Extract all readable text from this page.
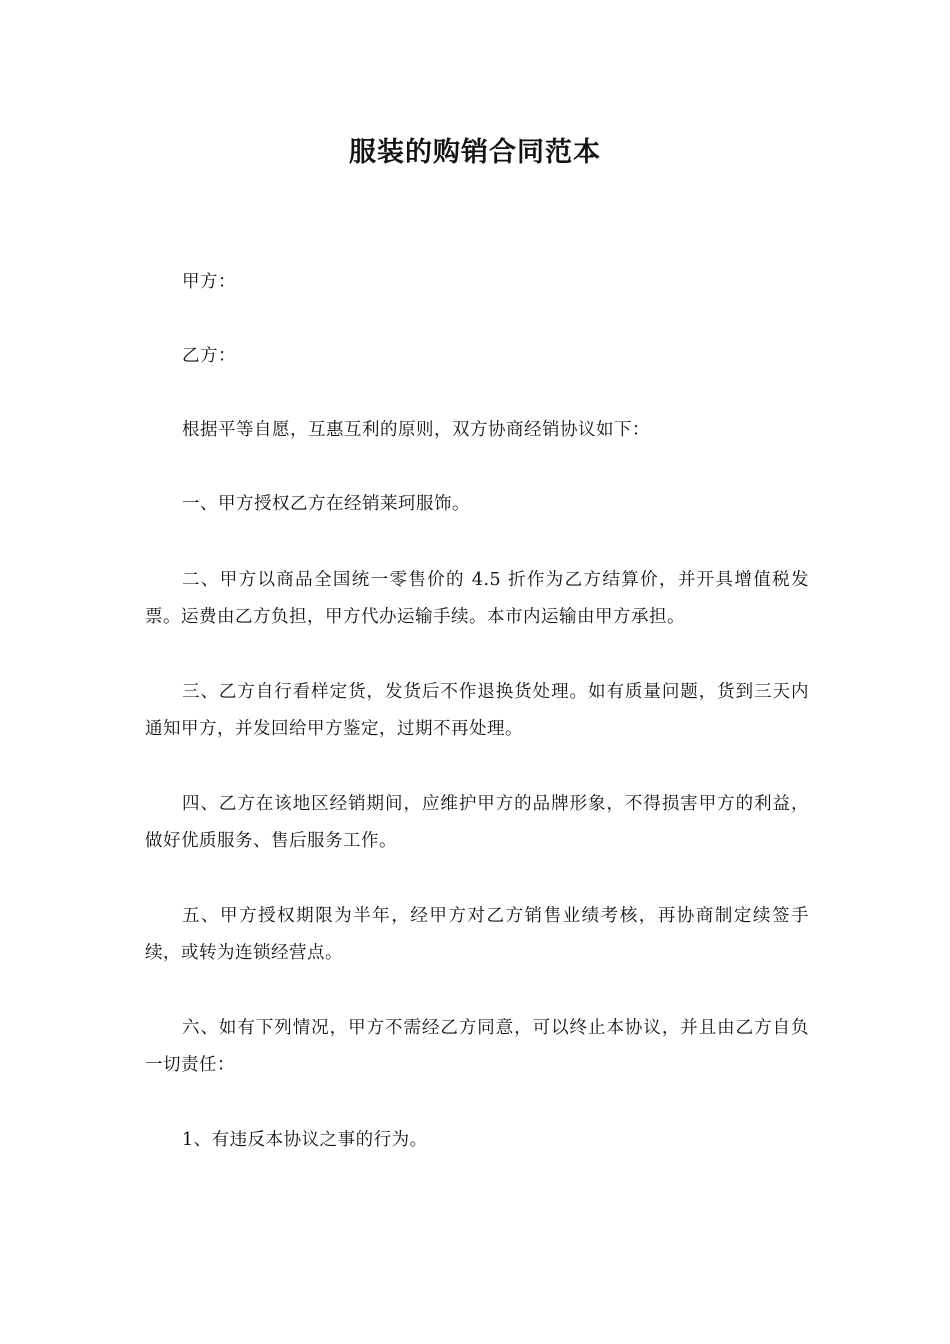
服装的购销合同范本

甲方：

乙方：

根据平等自愿，互惠互利的原则，双方协商经销协议如下：

一、甲方授权乙方在经销莱珂服饰。

二、甲方以商品全国统一零售价的 4.5 折作为乙方结算价，并开具增值税发票。运费由乙方负担，甲方代办运输手续。本市内运输由甲方承担。

三、乙方自行看样定货，发货后不作退换货处理。如有质量问题，货到三天内通知甲方，并发回给甲方鉴定，过期不再处理。

四、乙方在该地区经销期间，应维护甲方的品牌形象，不得损害甲方的利益，做好优质服务、售后服务工作。

五、甲方授权期限为半年，经甲方对乙方销售业绩考核，再协商制定续签手续，或转为连锁经营点。

六、如有下列情况，甲方不需经乙方同意，可以终止本协议，并且由乙方自负一切责任：

1、有违反本协议之事的行为。
